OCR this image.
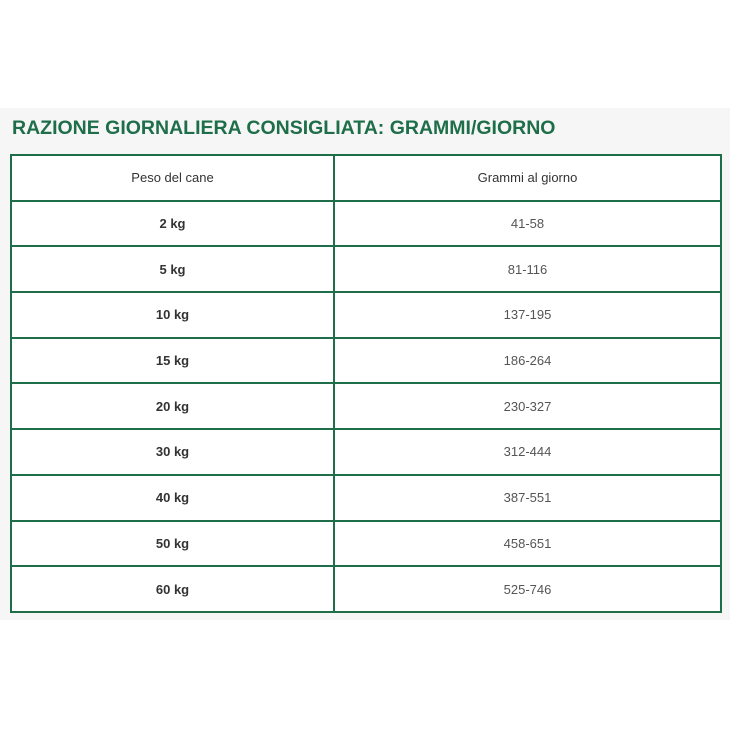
RAZIONE GIORNALIERA CONSIGLIATA: GRAMMI/GIORNO
Peso del cane	Grammi al giorno
2 kg	41-58
5 kg	81-116
10 kg	137-195
15 kg	186-264
20 kg	230-327
30 kg	312-444
40 kg	387-551
50 kg	458-651
60 kg	525-746
